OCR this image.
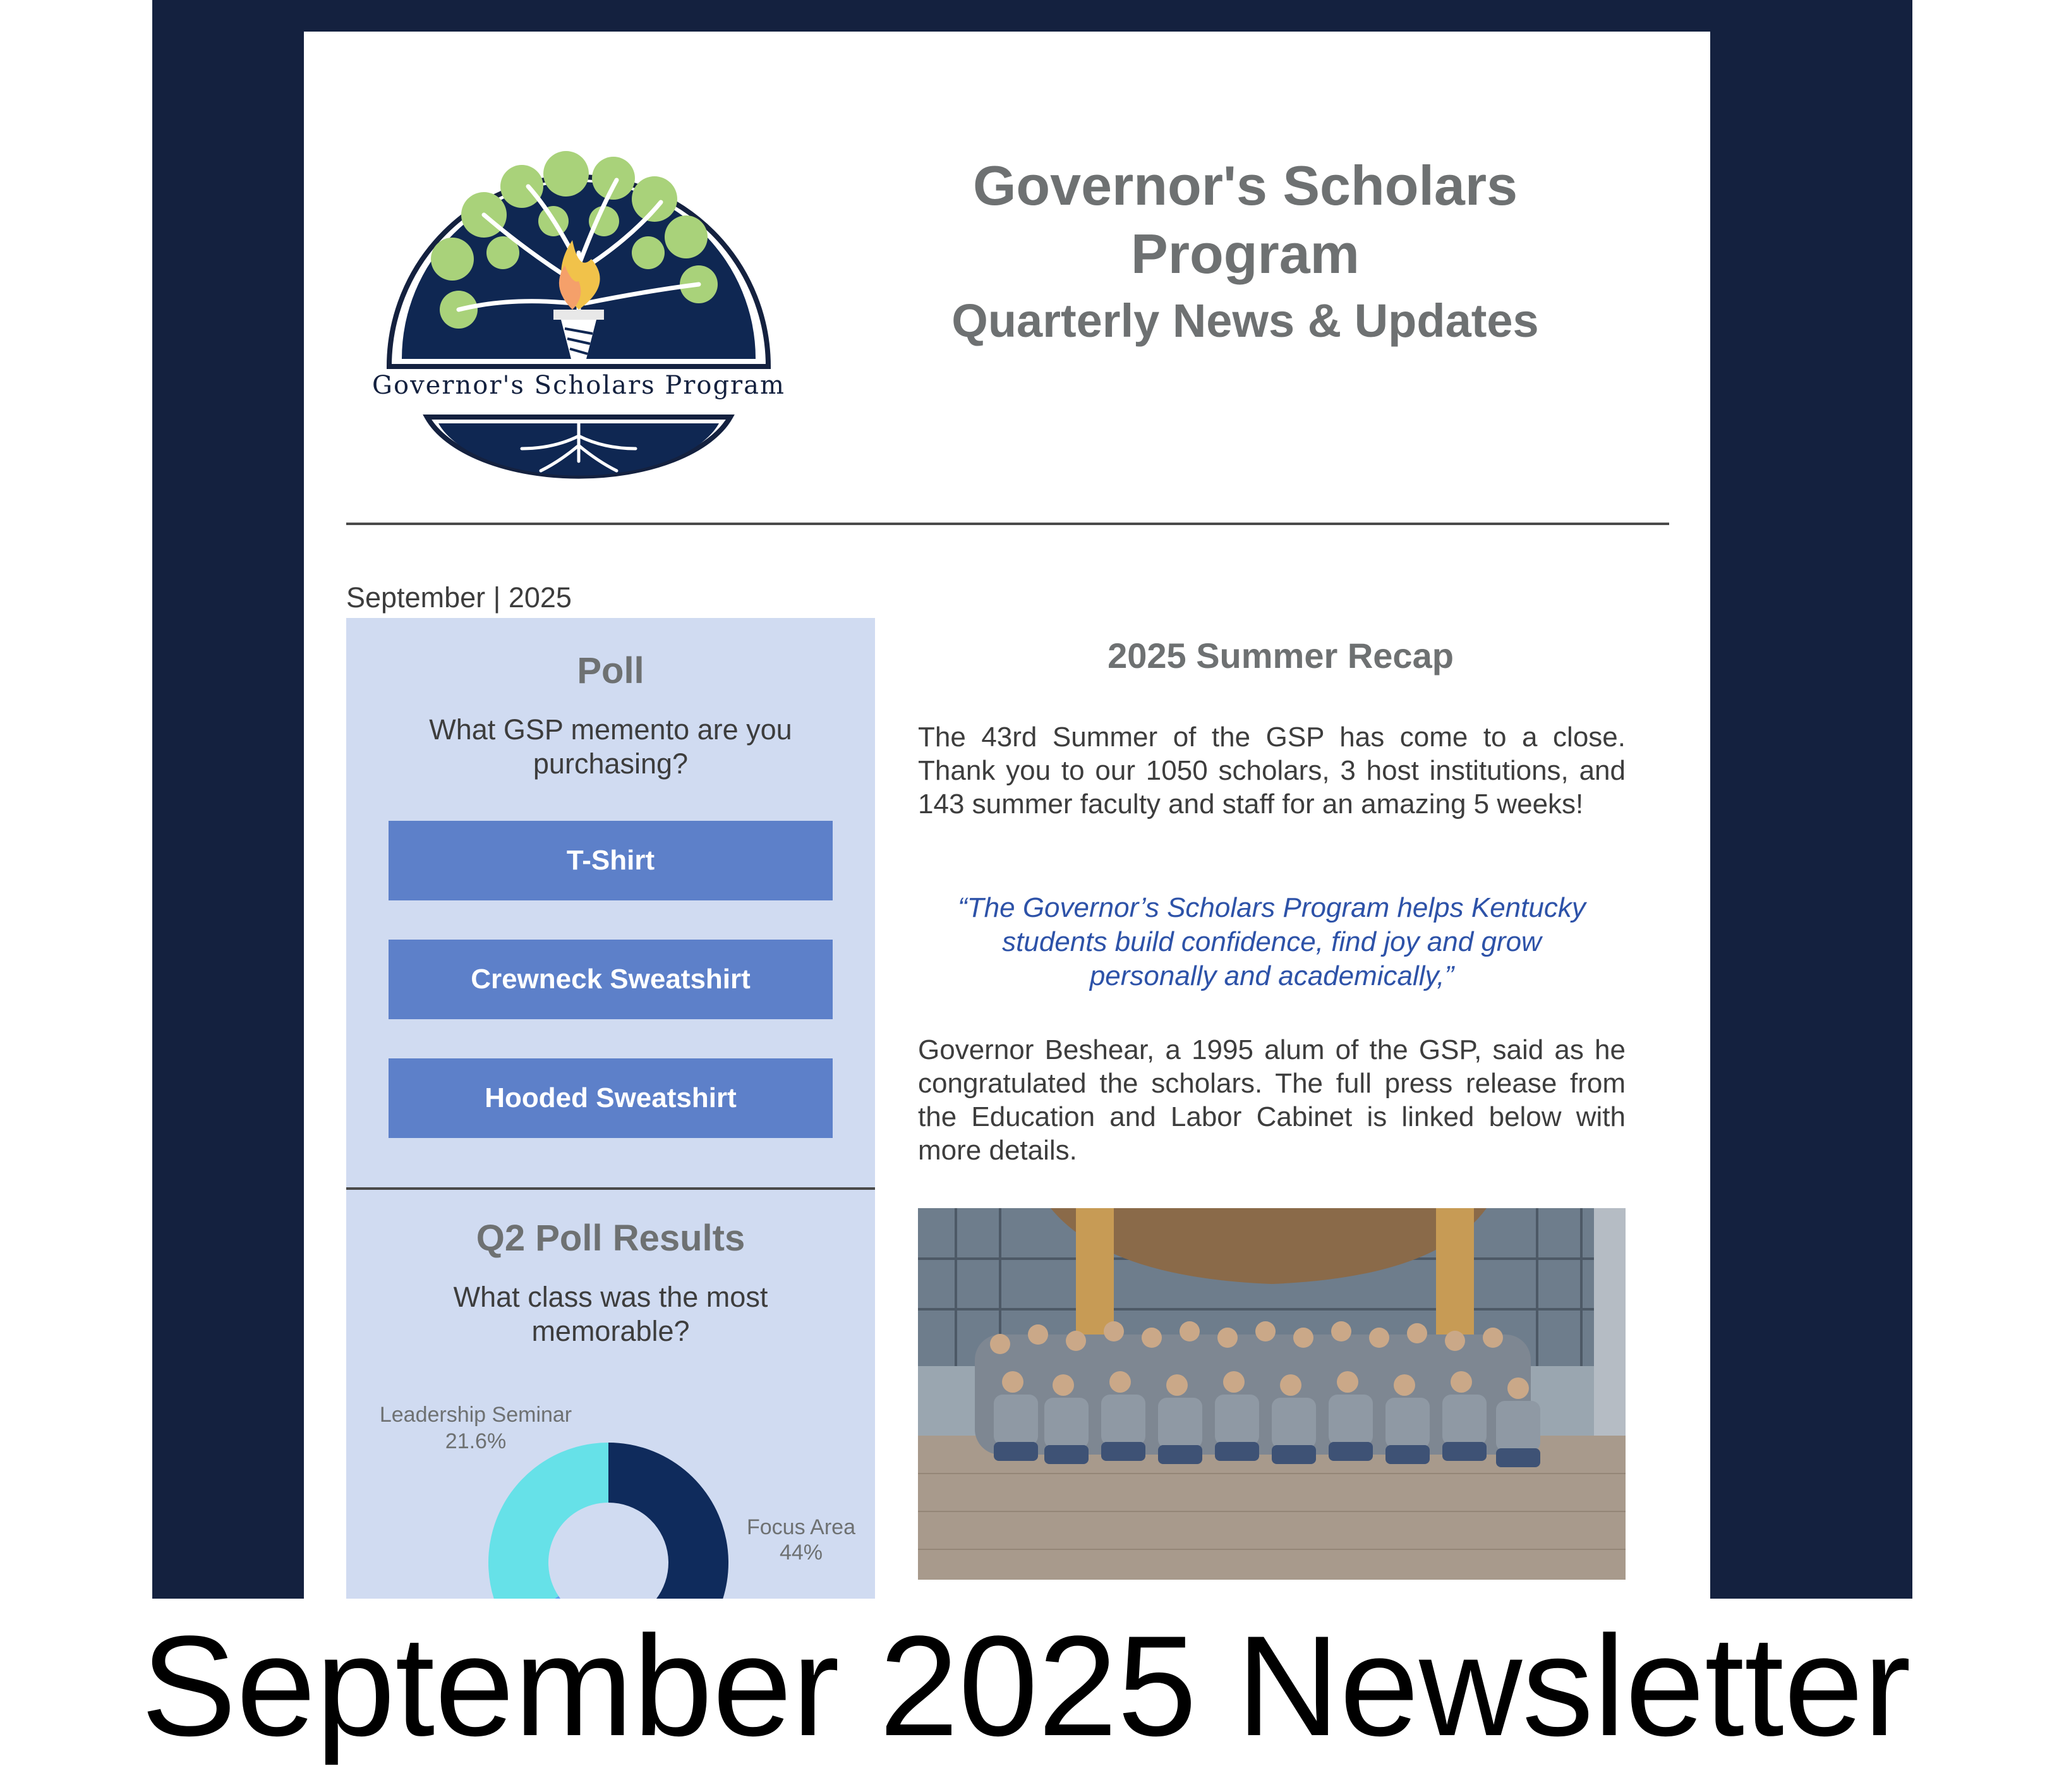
Governor's Scholars Program
Governor's Scholars
Program
Quarterly News & Updates
September | 2025
Poll
What GSP memento are you purchasing?
T-Shirt
Crewneck Sweatshirt
Hooded Sweatshirt
Q2 Poll Results
What class was the most memorable?
Leadership Seminar
21.6%
Focus Area
44%
2025 Summer Recap

The 43rd Summer of the GSP has come to a close. Thank you to our 1050 scholars, 3 host institutions, and 143 summer faculty and staff for an amazing 5 weeks!

“The Governor’s Scholars Program helps Kentucky students build confidence, find joy and grow personally and academically,”

Governor Beshear, a 1995 alum of the GSP, said as he congratulated the scholars. The full press release from the Education and Labor Cabinet is linked below with more details.

September 2025 Newsletter
